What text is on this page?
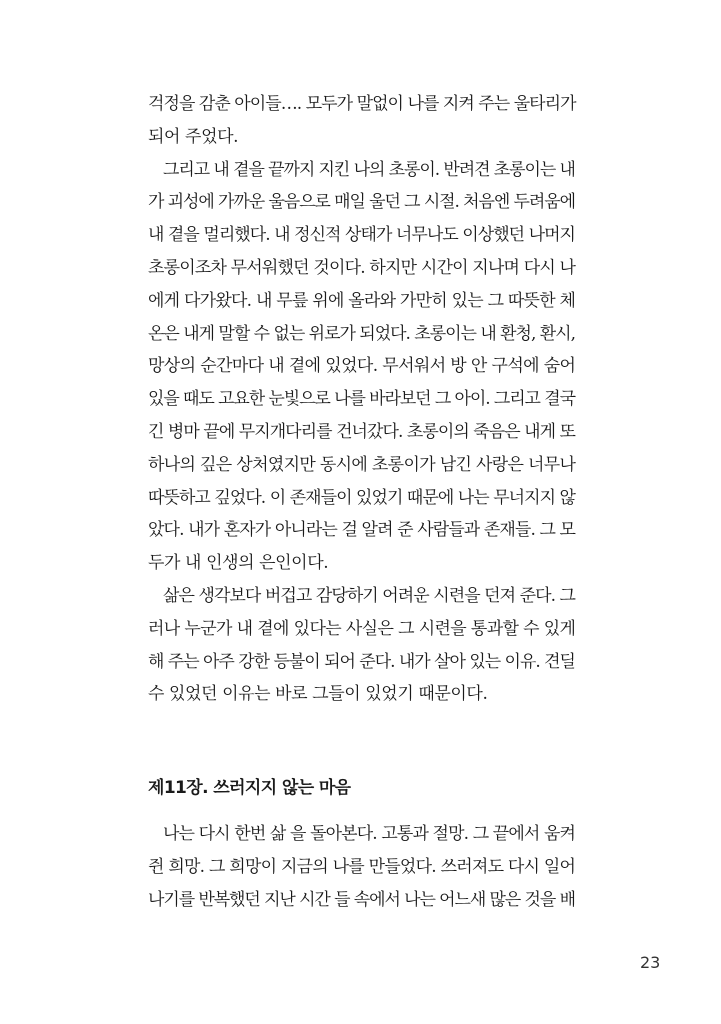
걱정을 감춘 아이들…. 모두가 말없이 나를 지켜 주는 울타리가
되어 주었다.
그리고 내 곁을 끝까지 지킨 나의 초롱이. 반려견 초롱이는 내
가 괴성에 가까운 울음으로 매일 울던 그 시절. 처음엔 두려움에
내 곁을 멀리했다. 내 정신적 상태가 너무나도 이상했던 나머지
초롱이조차 무서워했던 것이다. 하지만 시간이 지나며 다시 나
에게 다가왔다. 내 무릎 위에 올라와 가만히 있는 그 따뜻한 체
온은 내게 말할 수 없는 위로가 되었다. 초롱이는 내 환청, 환시,
망상의 순간마다 내 곁에 있었다. 무서워서 방 안 구석에 숨어
있을 때도 고요한 눈빛으로 나를 바라보던 그 아이. 그리고 결국
긴 병마 끝에 무지개다리를 건너갔다. 초롱이의 죽음은 내게 또
하나의 깊은 상처였지만 동시에 초롱이가 남긴 사랑은 너무나
따뜻하고 깊었다. 이 존재들이 있었기 때문에 나는 무너지지 않
았다. 내가 혼자가 아니라는 걸 알려 준 사람들과 존재들. 그 모
두가 내 인생의 은인이다.
삶은 생각보다 버겁고 감당하기 어려운 시련을 던져 준다. 그
러나 누군가 내 곁에 있다는 사실은 그 시련을 통과할 수 있게
해 주는 아주 강한 등불이 되어 준다. 내가 살아 있는 이유. 견딜
수 있었던 이유는 바로 그들이 있었기 때문이다.
제11장. 쓰러지지 않는 마음
나는 다시 한번 삶 을 돌아본다. 고통과 절망. 그 끝에서 움켜
쥔 희망. 그 희망이 지금의 나를 만들었다. 쓰러져도 다시 일어
나기를 반복했던 지난 시간 들 속에서 나는 어느새 많은 것을 배
23
